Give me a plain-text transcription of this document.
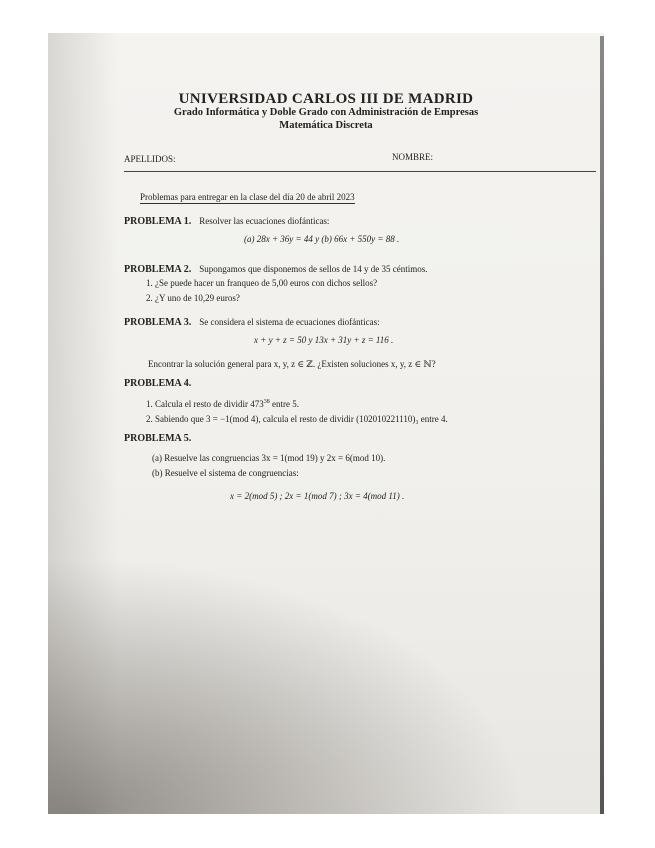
UNIVERSIDAD CARLOS III DE MADRID
Grado Informática y Doble Grado con Administración de Empresas
Matemática Discreta
APELLIDOS:	NOMBRE:
Problemas para entregar en la clase del día 20 de abril 2023
PROBLEMA 1. Resolver las ecuaciones diofánticas:
(a) 28x + 36y = 44 y (b) 66x + 550y = 88 .
PROBLEMA 2. Supongamos que disponemos de sellos de 14 y de 35 céntimos.
1. ¿Se puede hacer un franqueo de 5,00 euros con dichos sellos?
2. ¿Y uno de 10,29 euros?
PROBLEMA 3. Se considera el sistema de ecuaciones diofánticas:
x + y + z = 50 y 13x + 31y + z = 116 .
Encontrar la solución general para x, y, z ∈ ℤ. ¿Existen soluciones x, y, z ∈ ℕ?
PROBLEMA 4.
1. Calcula el resto de dividir $473^{38}$ entre 5.
2. Sabiendo que 3 = −1(mod 4), calcula el resto de dividir (102010221110)₃ entre 4.
PROBLEMA 5.
(a) Resuelve las congruencias 3x = 1(mod 19) y 2x = 6(mod 10).
(b) Resuelve el sistema de congruencias:
x = 2(mod 5) ; 2x = 1(mod 7) ; 3x = 4(mod 11) .
